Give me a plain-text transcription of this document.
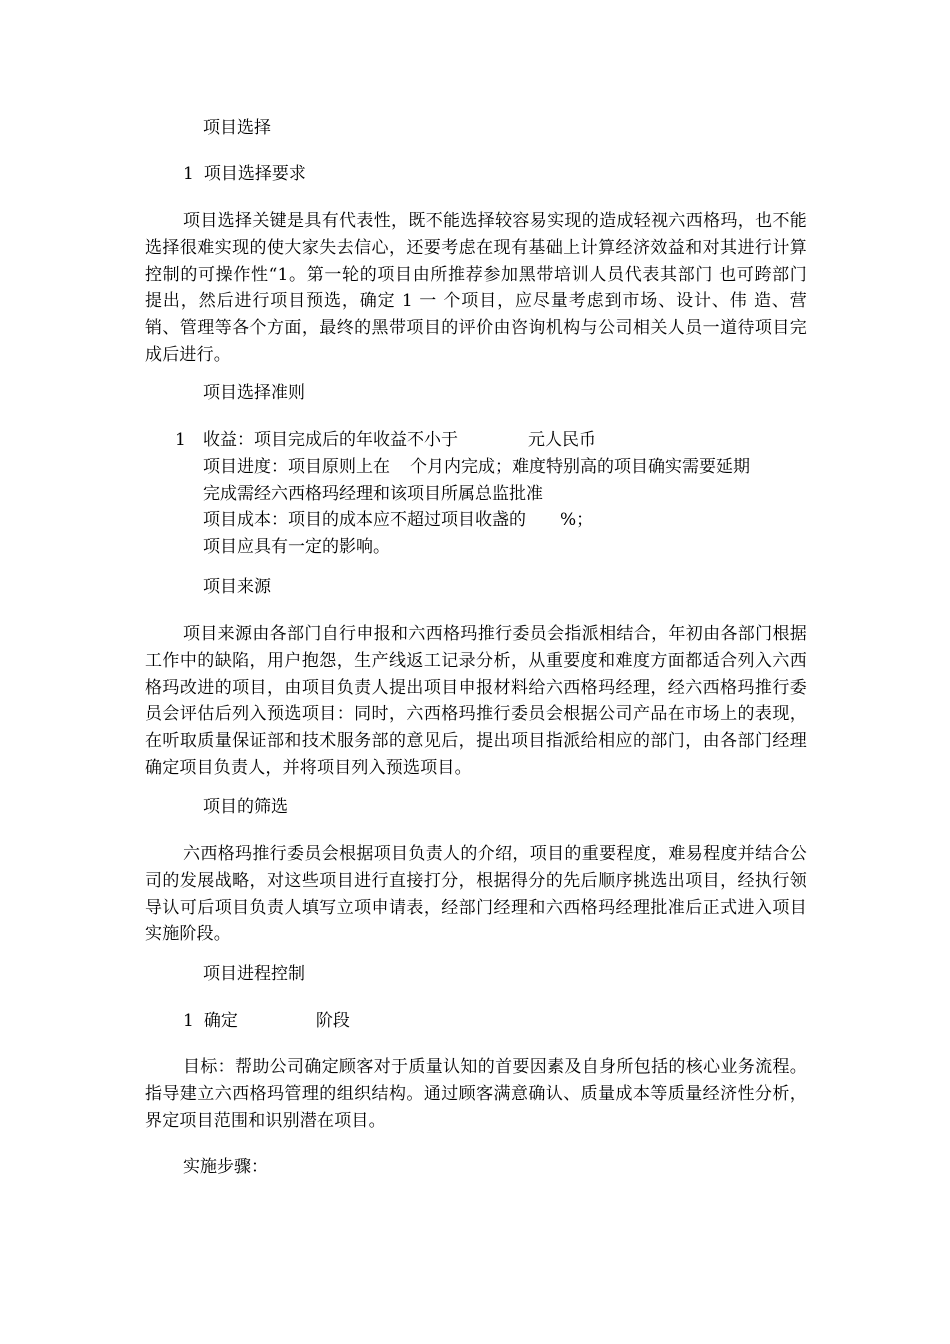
项目选择
1 项目选择要求
项目选择关键是具有代表性，既不能选择较容易实现的造成轻视六西格玛，也不能选择很难实现的使大家失去信心，还要考虑在现有基础上计算经济效益和对其进行计算控制的可操作性“1。第一轮的项目由所推荐参加黑带培训人员代表其部门 也可跨部门 提出，然后进行项目预选，确定 1 一 个项目，应尽量考虑到市场、设计、伟 造、营销、管理等各个方面，最终的黑带项目的评价由咨询机构与公司相关人员一道待项目完成后进行。
项目选择准则
1 收益：项目完成后的年收益不小于	元人民币
项目进度：项目原则上在 个月内完成；难度特别高的项目确实需要延期
完成需经六西格玛经理和该项目所属总监批准
项目成本：项目的成本应不超过项目收盏的 %；
项目应具有一定的影响。
项目来源
项目来源由各部门自行申报和六西格玛推行委员会指派相结合，年初由各部门根据工作中的缺陷，用户抱怨，生产线返工记录分析，从重要度和难度方面都适合列入六西格玛改进的项目，由项目负责人提出项目申报材料给六西格玛经理，经六西格玛推行委员会评估后列入预选项目：同时，六西格玛推行委员会根据公司产品在市场上的表现，在听取质量保证部和技术服务部的意见后，提出项目指派给相应的部门，由各部门经理确定项目负责人，并将项目列入预选项目。
项目的筛选
六西格玛推行委员会根据项目负责人的介绍，项目的重要程度，难易程度并结合公司的发展战略，对这些项目进行直接打分，根据得分的先后顺序挑选出项目，经执行领导认可后项目负责人填写立项申请表，经部门经理和六西格玛经理批准后正式进入项目实施阶段。
项目进程控制
1 确定	阶段
目标：帮助公司确定顾客对于质量认知的首要因素及自身所包括的核心业务流程。指导建立六西格玛管理的组织结构。通过顾客满意确认、质量成本等质量经济性分析，界定项目范围和识别潜在项目。
实施步骤：
